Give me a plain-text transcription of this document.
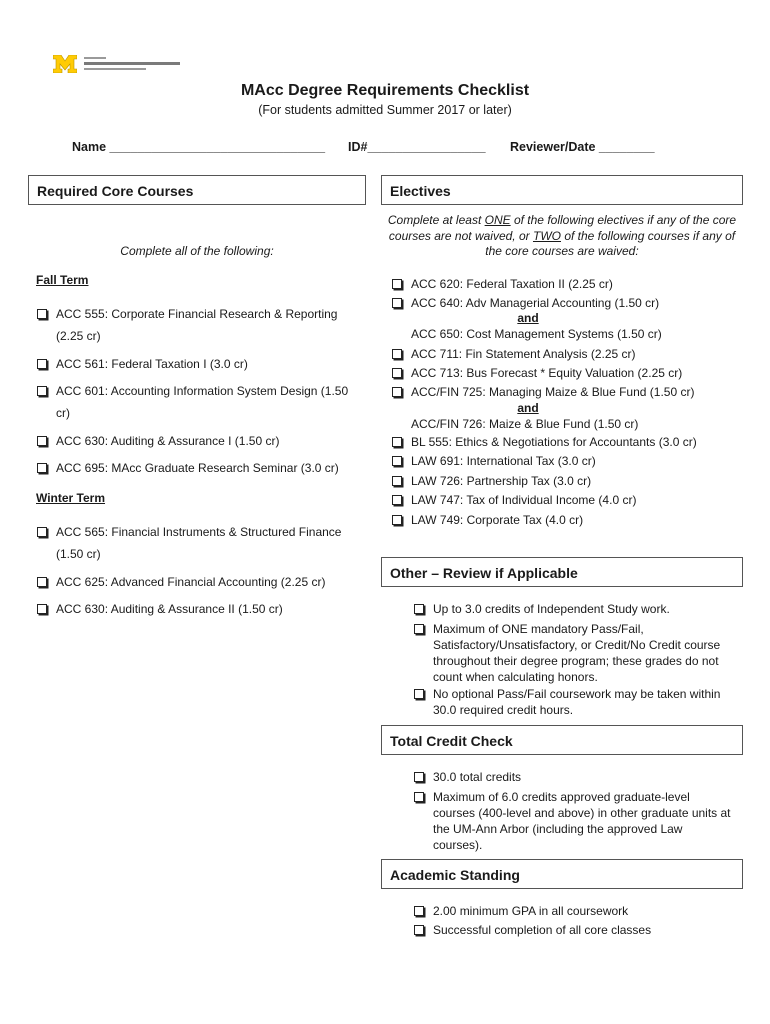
MAcc Degree Requirements Checklist
(For students admitted Summer 2017 or later)
Name _______________________________ ID#_________________ Reviewer/Date ________
Required Core Courses	Electives
Complete all of the following:
Fall Term
ACC 555: Corporate Financial Research & Reporting
(2.25 cr)
ACC 561: Federal Taxation I (3.0 cr)
ACC 601: Accounting Information System Design (1.50
cr)
ACC 630: Auditing & Assurance I (1.50 cr)
ACC 695: MAcc Graduate Research Seminar (3.0 cr)
Winter Term
ACC 565: Financial Instruments & Structured Finance
(1.50 cr)
ACC 625: Advanced Financial Accounting (2.25 cr)
ACC 630: Auditing & Assurance II (1.50 cr)
Complete at least ONE of the following electives if any of the core courses are not waived, or TWO of the following courses if any of the core courses are waived:
ACC 620: Federal Taxation II (2.25 cr)
ACC 640: Adv Managerial Accounting (1.50 cr)
and
ACC 650: Cost Management Systems (1.50 cr)
ACC 711: Fin Statement Analysis (2.25 cr)
ACC 713: Bus Forecast * Equity Valuation (2.25 cr)
ACC/FIN 725: Managing Maize & Blue Fund (1.50 cr)
and
ACC/FIN 726: Maize & Blue Fund (1.50 cr)
BL 555: Ethics & Negotiations for Accountants (3.0 cr)
LAW 691: International Tax (3.0 cr)
LAW 726: Partnership Tax (3.0 cr)
LAW 747: Tax of Individual Income (4.0 cr)
LAW 749: Corporate Tax (4.0 cr)
Other – Review if Applicable
Up to 3.0 credits of Independent Study work.
Maximum of ONE mandatory Pass/Fail,
Satisfactory/Unsatisfactory, or Credit/No Credit course
throughout their degree program; these grades do not
count when calculating honors.
No optional Pass/Fail coursework may be taken within
30.0 required credit hours.
Total Credit Check
30.0 total credits
Maximum of 6.0 credits approved graduate-level
courses (400-level and above) in other graduate units at
the UM-Ann Arbor (including the approved Law
courses).
Academic Standing
2.00 minimum GPA in all coursework
Successful completion of all core classes
